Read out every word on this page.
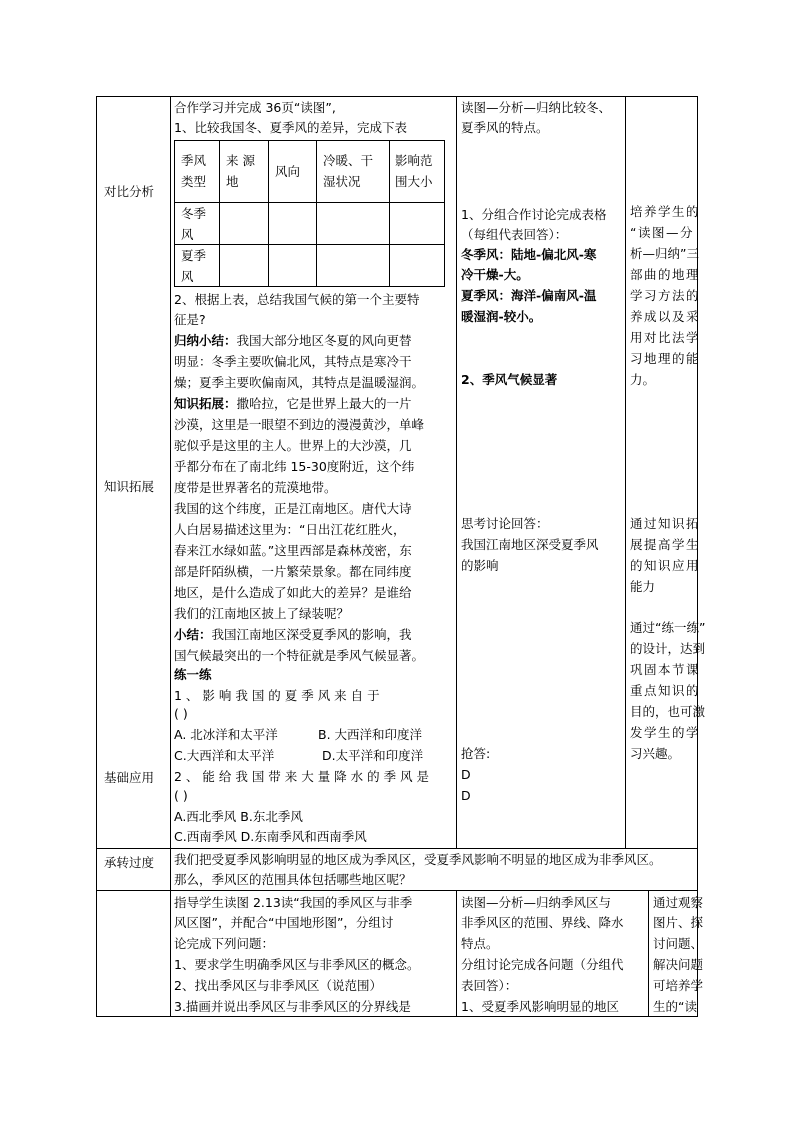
对比分析
知识拓展
基础应用
承转过度
合作学习并完成 36页“读图”,
1、比较我国冬、夏季风的差异，完成下表
季风
类型
来 源
地
风向
冷暖、干
湿状况
影响范
围大小
冬季
风
夏季
风
2、根据上表，总结我国气候的第一个主要特
征是?
归纳小结：我国大部分地区冬夏的风向更替
明显：冬季主要吹偏北风，其特点是寒冷干
燥；夏季主要吹偏南风，其特点是温暖湿润。
知识拓展：撒哈拉，它是世界上最大的一片
沙漠，这里是一眼望不到边的漫漫黄沙，单峰
驼似乎是这里的主人。世界上的大沙漠，几
乎都分布在了南北纬 15-30度附近，这个纬
度带是世界著名的荒漠地带。
我国的这个纬度，正是江南地区。唐代大诗
人白居易描述这里为：“日出江花红胜火，
春来江水绿如蓝。”这里西部是森林茂密，东
部是阡陌纵横，一片繁荣景象。都在同纬度
地区，是什么造成了如此大的差异？是谁给
我们的江南地区披上了绿装呢？
小结：我国江南地区深受夏季风的影响，我
国气候最突出的一个特征就是季风气候显著。
练一练
1 、 影 响 我 国 的 夏 季 风 来 自 于
( )
A. 北冰洋和太平洋	B. 大西洋和印度洋
C.大西洋和太平洋	D.太平洋和印度洋
2 、 能 给 我 国 带 来 大 量 降 水 的 季 风 是
( )
A.西北季风 B.东北季风
C.西南季风 D.东南季风和西南季风
读图—分析—归纳比较冬、
夏季风的特点。
1、分组合作讨论完成表格
（每组代表回答）：
冬季风：陆地-偏北风-寒
冷干燥-大。
夏季风：海洋-偏南风-温
暖湿润-较小。
2、季风气候显著
思考讨论回答：
我国江南地区深受夏季风
的影响
抢答:
D
D
培养学生的
“读图—分
析—归纳”三
部曲的地理
学习方法的
养成以及采
用对比法学
习地理的能
力。
通过知识拓
展提高学生
的知识应用
能力
通过“练一练”
的设计，达到
巩固本节课
重点知识的
目的，也可激
发学生的学
习兴趣。
我们把受夏季风影响明显的地区成为季风区，受夏季风影响不明显的地区成为非季风区。
那么，季风区的范围具体包括哪些地区呢？
指导学生读图 2.13读“我国的季风区与非季
风区图”，并配合“中国地形图”，分组讨
论完成下列问题：
1、要求学生明确季风区与非季风区的概念。
2、找出季风区与非季风区（说范围）
3.描画并说出季风区与非季风区的分界线是
读图—分析—归纳季风区与
非季风区的范围、界线、降水
特点。
分组讨论完成各问题（分组代
表回答）：
1、受夏季风影响明显的地区
通过观察
图片、探
讨问题、
解决问题
可培养学
生的“读
